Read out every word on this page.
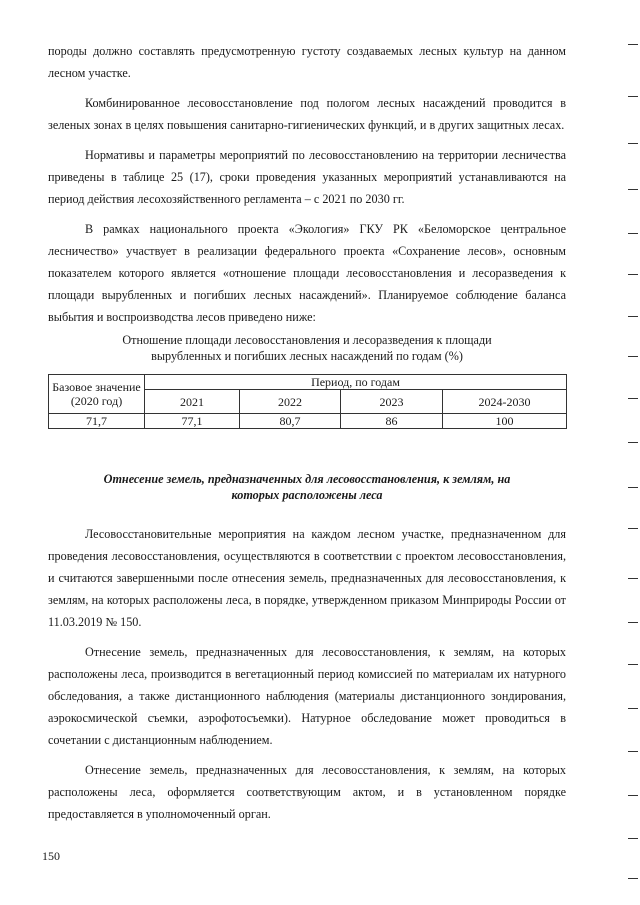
породы должно составлять предусмотренную густоту создаваемых лесных культур на данном лесном участке.

Комбинированное лесовосстановление под пологом лесных насаждений проводится в зеленых зонах в целях повышения санитарно-гигиенических функций, и в других защитных лесах.

Нормативы и параметры мероприятий по лесовосстановлению на территории лесничества приведены в таблице 25 (17), сроки проведения указанных мероприятий устанавливаются на период действия лесохозяйственного регламента – с 2021 по 2030 гг.

В рамках национального проекта «Экология» ГКУ РК «Беломорское центральное лесничество» участвует в реализации федерального проекта «Сохранение лесов», основным показателем которого является «отношение площади лесовосстановления и лесоразведения к площади вырубленных и погибших лесных насаждений». Планируемое соблюдение баланса выбытия и воспроизводства лесов приведено ниже:

Отношение площади лесовосстановления и лесоразведения к площади вырубленных и погибших лесных насаждений по годам (%)
Базовое значение (2020 год)	Период, по годам			
	2021	2022	2023	2024-2030
71,7	77,1	80,7	86	100
Отнесение земель, предназначенных для лесовосстановления, к землям, на которых расположены леса

Лесовосстановительные мероприятия на каждом лесном участке, предназначенном для проведения лесовосстановления, осуществляются в соответствии с проектом лесовосстановления, и считаются завершенными после отнесения земель, предназначенных для лесовосстановления, к землям, на которых расположены леса, в порядке, утвержденном приказом Минприроды России от 11.03.2019 № 150.

Отнесение земель, предназначенных для лесовосстановления, к землям, на которых расположены леса, производится в вегетационный период комиссией по материалам их натурного обследования, а также дистанционного наблюдения (материалы дистанционного зондирования, аэрокосмической съемки, аэрофотосъемки). Натурное обследование может проводиться в сочетании с дистанционным наблюдением.

Отнесение земель, предназначенных для лесовосстановления, к землям, на которых расположены леса, оформляется соответствующим актом, и в установленном порядке предоставляется в уполномоченный орган.

150
